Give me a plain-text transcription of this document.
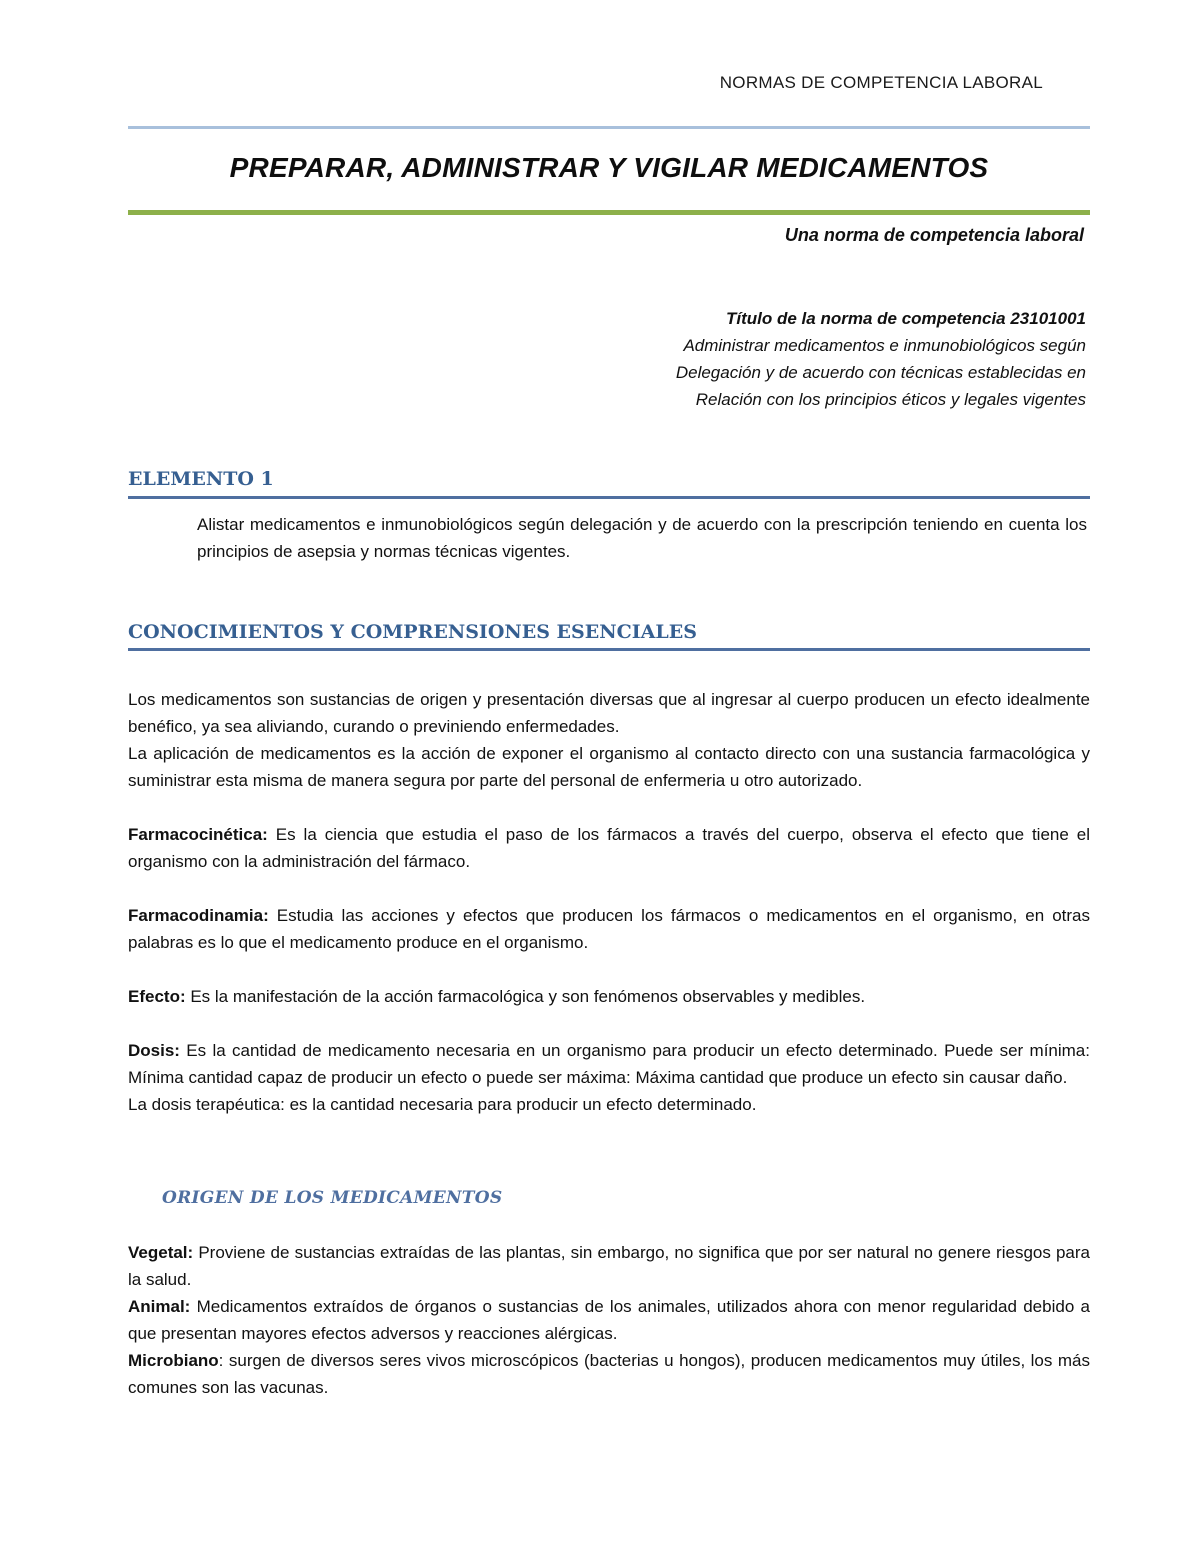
NORMAS DE COMPETENCIA LABORAL
PREPARAR, ADMINISTRAR Y VIGILAR MEDICAMENTOS
Una norma de competencia laboral
Título de la norma de competencia 23101001
Administrar medicamentos e inmunobiológicos según
Delegación y de acuerdo con técnicas establecidas en
Relación con los principios éticos y legales vigentes
ELEMENTO 1
Alistar medicamentos e inmunobiológicos según delegación y de acuerdo con la prescripción teniendo en cuenta los principios de asepsia y normas técnicas vigentes.
CONOCIMIENTOS Y COMPRENSIONES ESENCIALES

Los medicamentos son sustancias de origen y presentación diversas que al ingresar al cuerpo producen un efecto idealmente benéfico, ya sea aliviando, curando o previniendo enfermedades.

La aplicación de medicamentos es la acción de exponer el organismo al contacto directo con una sustancia farmacológica y suministrar esta misma de manera segura por parte del personal de enfermeria u otro autorizado.

Farmacocinética: Es la ciencia que estudia el paso de los fármacos a través del cuerpo, observa el efecto que tiene el organismo con la administración del fármaco.

Farmacodinamia: Estudia las acciones y efectos que producen los fármacos o medicamentos en el organismo, en otras palabras es lo que el medicamento produce en el organismo.

Efecto: Es la manifestación de la acción farmacológica y son fenómenos observables y medibles.

Dosis: Es la cantidad de medicamento necesaria en un organismo para producir un efecto determinado. Puede ser mínima: Mínima cantidad capaz de producir un efecto o puede ser máxima: Máxima cantidad que produce un efecto sin causar daño.

La dosis terapéutica: es la cantidad necesaria para producir un efecto determinado.

ORIGEN DE LOS MEDICAMENTOS

Vegetal: Proviene de sustancias extraídas de las plantas, sin embargo, no significa que por ser natural no genere riesgos para la salud.

Animal: Medicamentos extraídos de órganos o sustancias de los animales, utilizados ahora con menor regularidad debido a que presentan mayores efectos adversos y reacciones alérgicas.

Microbiano: surgen de diversos seres vivos microscópicos (bacterias u hongos), producen medicamentos muy útiles, los más comunes son las vacunas.
